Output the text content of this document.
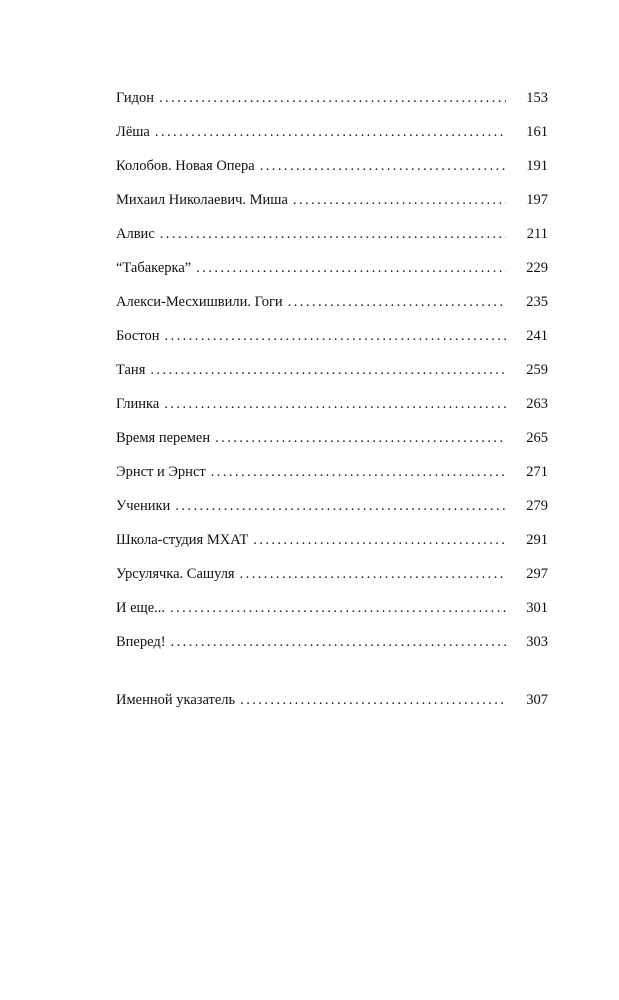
Гидон . . .	153
Лёша . . .	161
Колобов. Новая Опера . . .	191
Михаил Николаевич. Миша . . .	197
Алвис . . .	211
“Табакерка” . . .	229
Алекси-Месхишвили. Гоги . . .	235
Бостон . . .	241
Таня . . .	259
Глинка . . .	263
Время перемен . . .	265
Эрнст и Эрнст . . .	271
Ученики . . .	279
Школа-студия МХАТ . . .	291
Урсулячка. Сашуля . . .	297
И еще... . . .	301
Вперед! . . .	303
Именной указатель . . .	307
